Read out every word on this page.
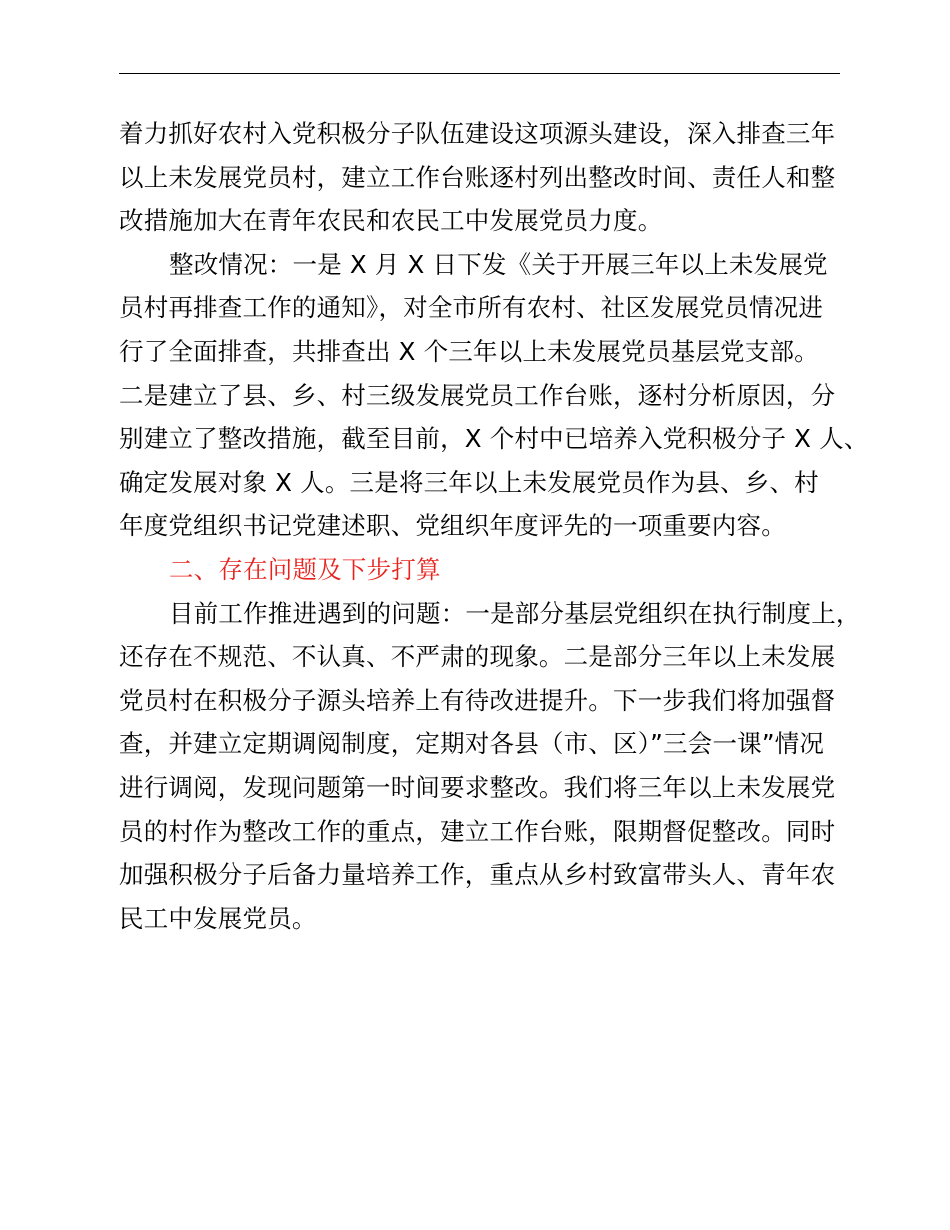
着力抓好农村入党积极分子队伍建设这项源头建设，深入排查三年
以上未发展党员村，建立工作台账逐村列出整改时间、责任人和整
改措施加大在青年农民和农民工中发展党员力度。
整改情况：一是 X 月 X 日下发《关于开展三年以上未发展党
员村再排查工作的通知》，对全市所有农村、社区发展党员情况进
行了全面排查，共排查出 X 个三年以上未发展党员基层党支部。
二是建立了县、乡、村三级发展党员工作台账，逐村分析原因，分
别建立了整改措施，截至目前，X 个村中已培养入党积极分子 X 人、
确定发展对象 X 人。三是将三年以上未发展党员作为县、乡、村
年度党组织书记党建述职、党组织年度评先的一项重要内容。
二、存在问题及下步打算
目前工作推进遇到的问题：一是部分基层党组织在执行制度上，
还存在不规范、不认真、不严肃的现象。二是部分三年以上未发展
党员村在积极分子源头培养上有待改进提升。下一步我们将加强督
查，并建立定期调阅制度，定期对各县（市、区）”三会一课”情况
进行调阅，发现问题第一时间要求整改。我们将三年以上未发展党
员的村作为整改工作的重点，建立工作台账，限期督促整改。同时
加强积极分子后备力量培养工作，重点从乡村致富带头人、青年农
民工中发展党员。
